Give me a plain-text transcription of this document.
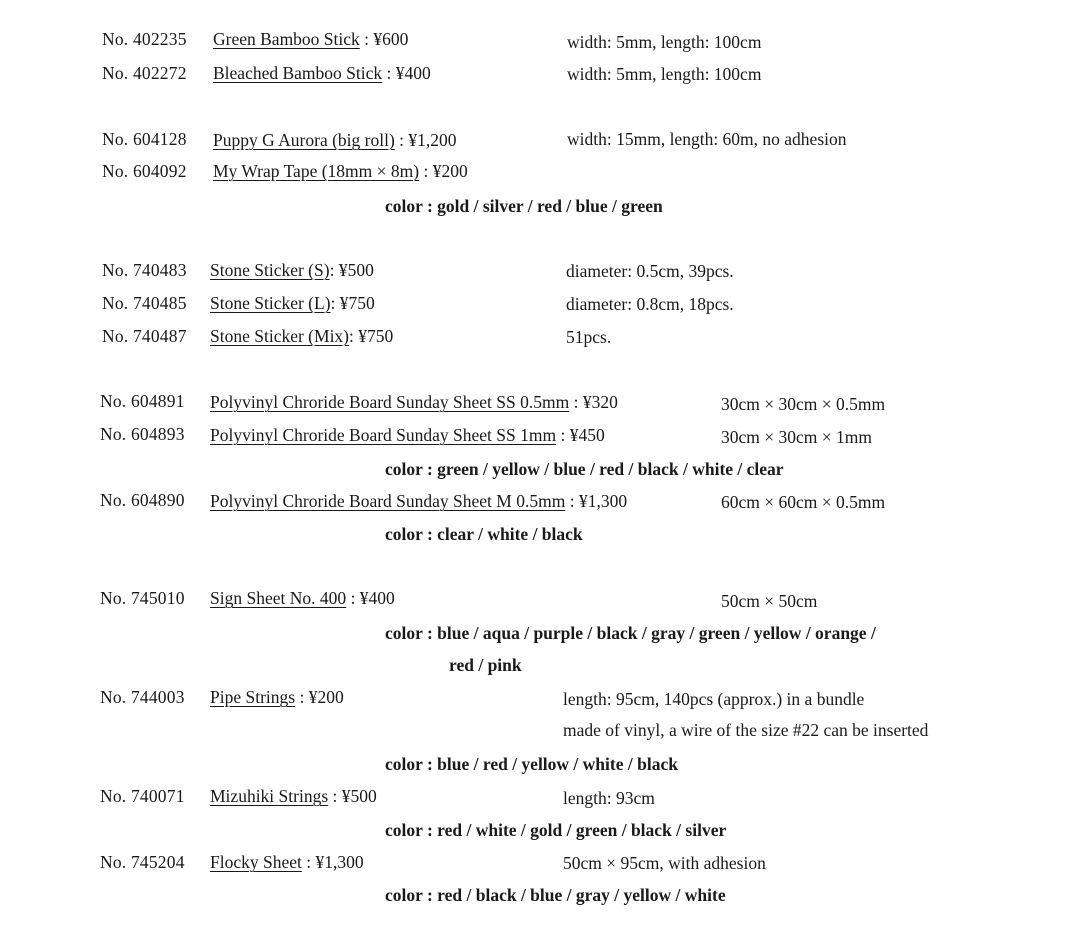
No. 402235 Green Bamboo Stick : ¥600	width: 5mm, length: 100cm
No. 402272 Bleached Bamboo Stick : ¥400	width: 5mm, length: 100cm
No. 604128 Puppy G Aurora (big roll) : ¥1,200	width: 15mm, length: 60m, no adhesion
No. 604092 My Wrap Tape (18mm × 8m) : ¥200
color : gold / silver / red / blue / green
No. 740483 Stone Sticker (S): ¥500	diameter: 0.5cm, 39pcs.
No. 740485 Stone Sticker (L): ¥750	diameter: 0.8cm, 18pcs.
No. 740487 Stone Sticker (Mix): ¥750	51pcs.
No. 604891 Polyvinyl Chroride Board Sunday Sheet SS 0.5mm : ¥320	30cm × 30cm × 0.5mm
No. 604893 Polyvinyl Chroride Board Sunday Sheet SS 1mm : ¥450	30cm × 30cm × 1mm
color : green / yellow / blue / red / black / white / clear
No. 604890 Polyvinyl Chroride Board Sunday Sheet M 0.5mm : ¥1,300	60cm × 60cm × 0.5mm
color : clear / white / black
No. 745010 Sign Sheet No. 400 : ¥400	50cm × 50cm
color : blue / aqua / purple / black / gray / green / yellow / orange /
red / pink
No. 744003 Pipe Strings : ¥200	length: 95cm, 140pcs (approx.) in a bundle
made of vinyl, a wire of the size #22 can be inserted
color : blue / red / yellow / white / black
No. 740071 Mizuhiki Strings : ¥500	length: 93cm
color : red / white / gold / green / black / silver
No. 745204 Flocky Sheet : ¥1,300	50cm × 95cm, with adhesion
color : red / black / blue / gray / yellow / white
